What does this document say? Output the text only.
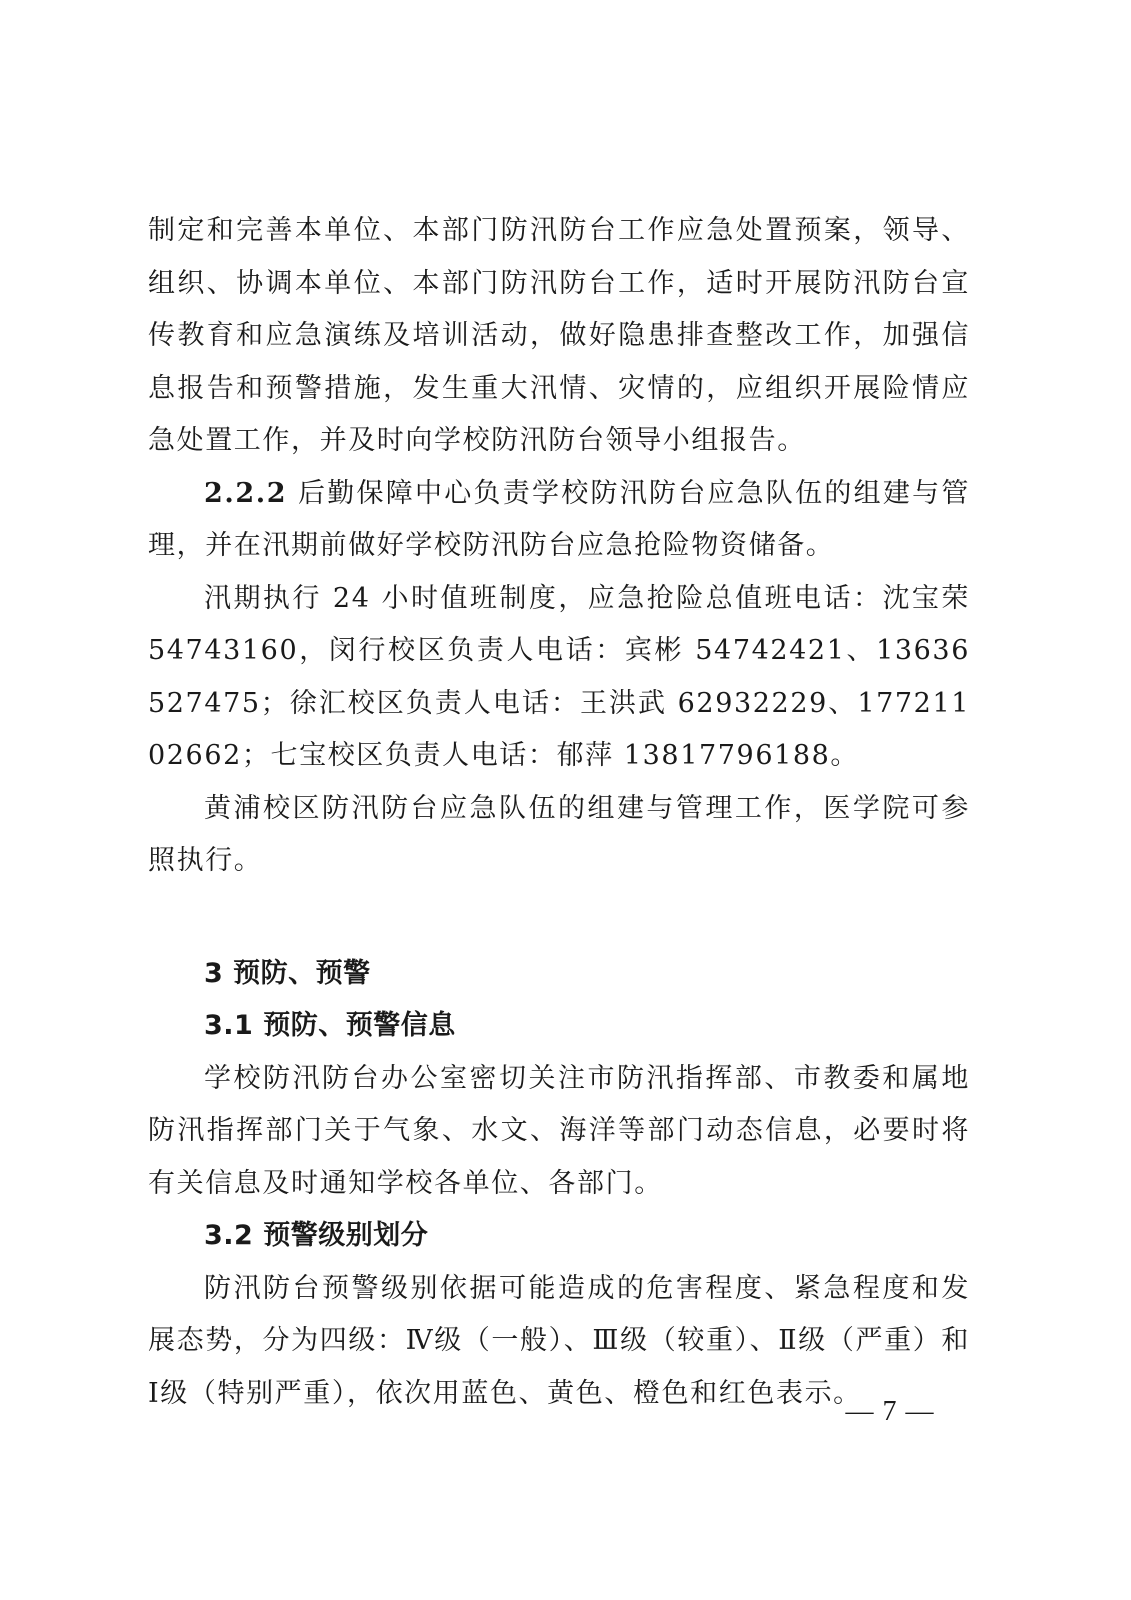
制定和完善本单位、本部门防汛防台工作应急处置预案，领导、组织、协调本单位、本部门防汛防台工作，适时开展防汛防台宣传教育和应急演练及培训活动，做好隐患排查整改工作，加强信息报告和预警措施，发生重大汛情、灾情的，应组织开展险情应急处置工作，并及时向学校防汛防台领导小组报告。

2.2.2 后勤保障中心负责学校防汛防台应急队伍的组建与管理，并在汛期前做好学校防汛防台应急抢险物资储备。

汛期执行 24 小时值班制度，应急抢险总值班电话：沈宝荣 54743160，闵行校区负责人电话：宾彬 54742421、13636527475；徐汇校区负责人电话：王洪武 62932229、17721102662；七宝校区负责人电话：郁萍 13817796188。

黄浦校区防汛防台应急队伍的组建与管理工作，医学院可参照执行。

3 预防、预警
3.1 预防、预警信息

学校防汛防台办公室密切关注市防汛指挥部、市教委和属地防汛指挥部门关于气象、水文、海洋等部门动态信息，必要时将有关信息及时通知学校各单位、各部门。

3.2 预警级别划分

防汛防台预警级别依据可能造成的危害程度、紧急程度和发展态势，分为四级：Ⅳ级（一般）、Ⅲ级（较重）、Ⅱ级（严重）和Ⅰ级（特别严重），依次用蓝色、黄色、橙色和红色表示。

— 7 —
